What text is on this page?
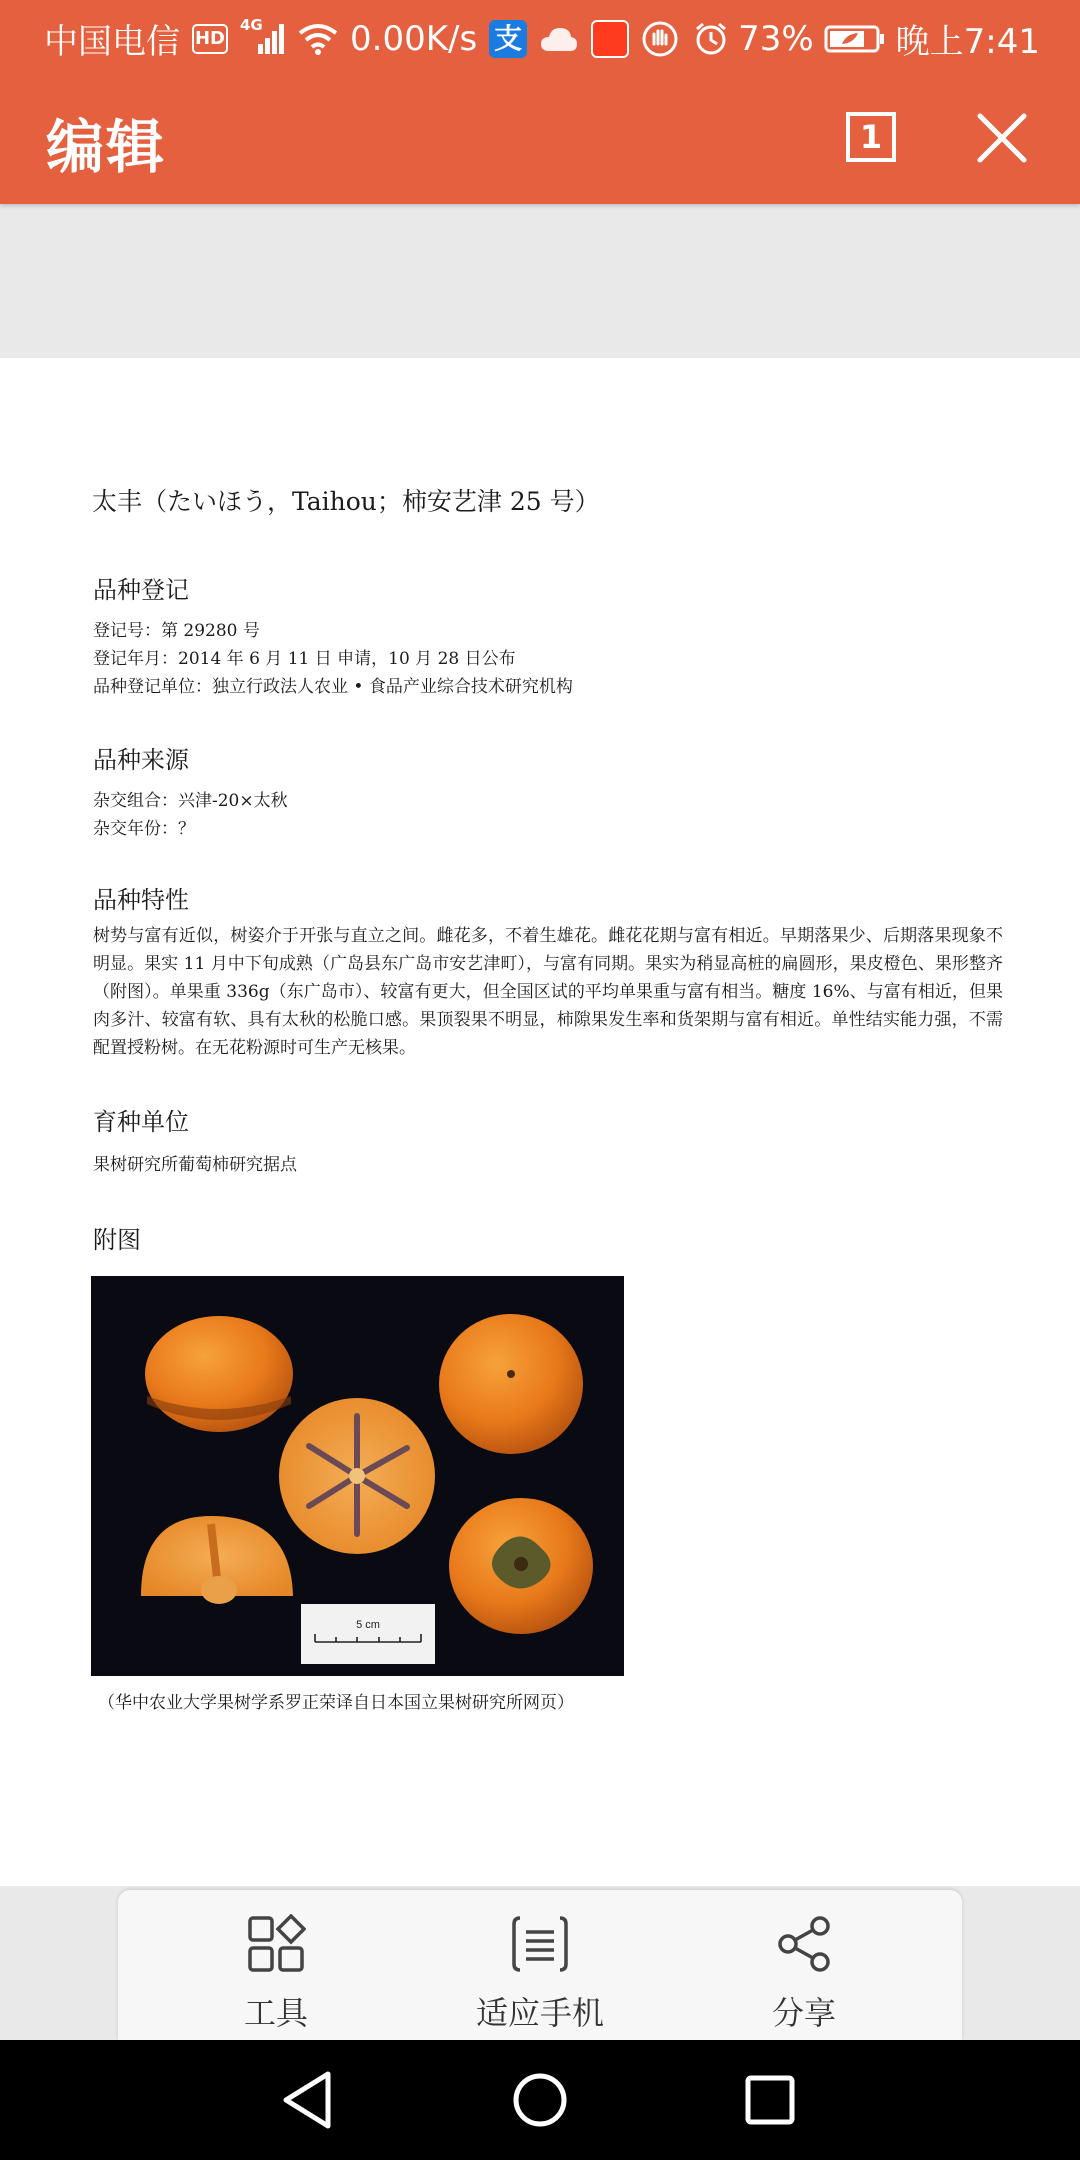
中国电信 HD
4G	0.00K/s 支	73% 晚上7:41
编辑	1
太丰（たいほう，Taihou；柿安艺津 25 号）
品种登记
登记号：第 29280 号
登记年月：2014 年 6 月 11 日 申请，10 月 28 日公布
品种登记单位：独立行政法人农业 • 食品产业综合技术研究机构
品种来源
杂交组合：兴津-20×太秋
杂交年份：？
品种特性
树势与富有近似，树姿介于开张与直立之间。雌花多，不着生雄花。雌花花期与富有相近。早期落果少、后期落果现象不明显。果实 11 月中下旬成熟（广岛县东广岛市安艺津町），与富有同期。果实为稍显高桩的扁圆形，果皮橙色、果形整齐（附图）。单果重 336g（东广岛市）、较富有更大，但全国区试的平均单果重与富有相当。糖度 16%、与富有相近，但果肉多汁、较富有软、具有太秋的松脆口感。果顶裂果不明显，柿隙果发生率和货架期与富有相近。单性结实能力强，不需配置授粉树。在无花粉源时可生产无核果。
育种单位
果树研究所葡萄柿研究据点
附图
5 cm
（华中农业大学果树学系罗正荣译自日本国立果树研究所网页）
工具	适应手机	分享
